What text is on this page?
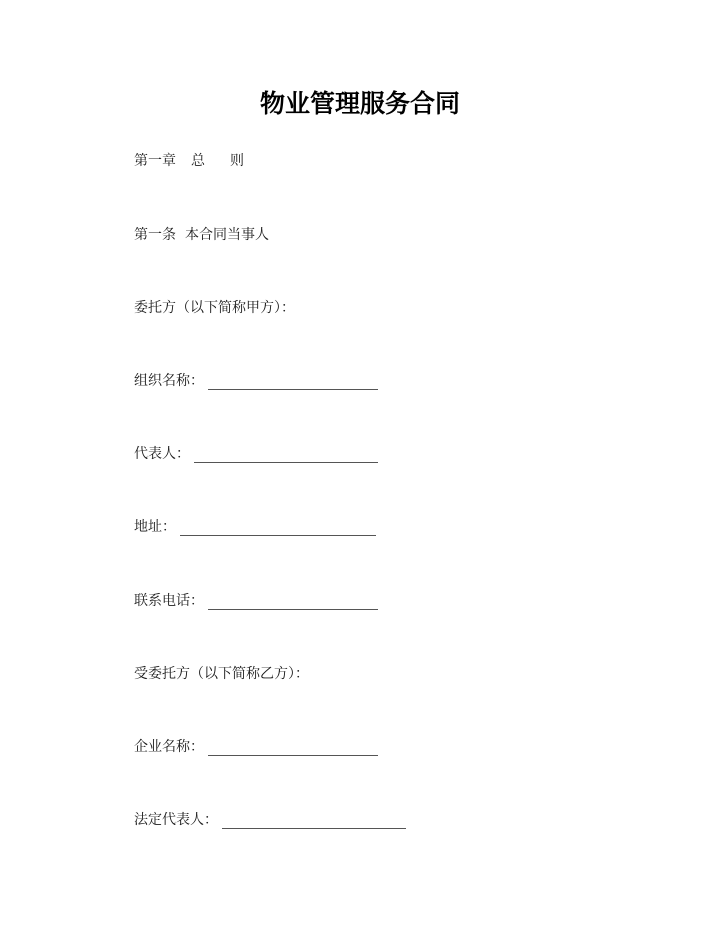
物业管理服务合同
第一章 总 则
第一条 本合同当事人
委托方（以下简称甲方）：
组织名称：
代表人：
地址：
联系电话：
受委托方（以下简称乙方）：
企业名称：
法定代表人：
